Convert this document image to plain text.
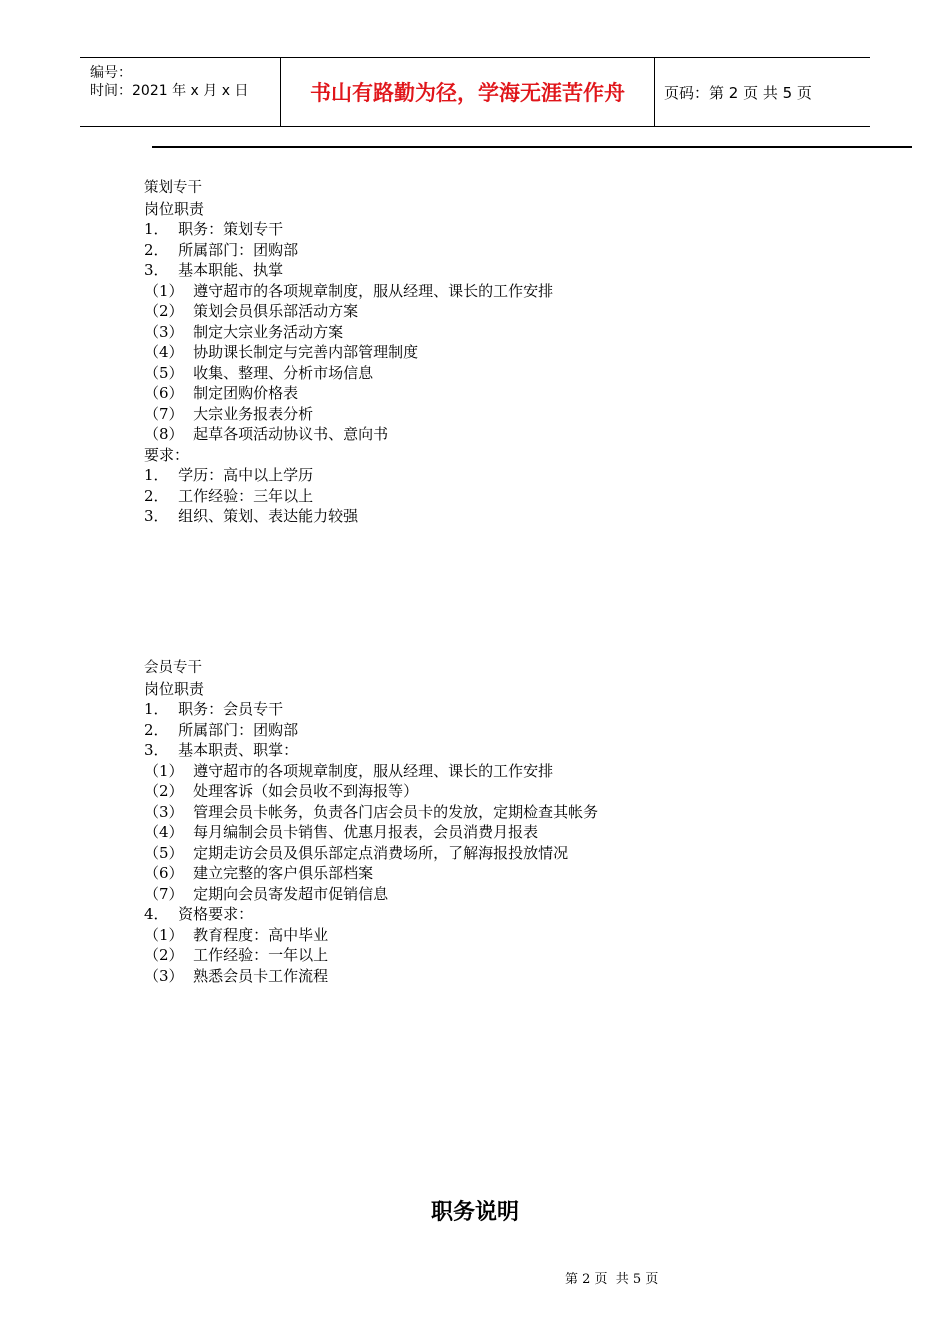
编号：
时间：2021 年 x 月 x 日	书山有路勤为径，学海无涯苦作舟	页码：第 2 页 共 5 页
策划专干
岗位职责
1．  职务：策划专干
2．  所属部门：团购部
3．  基本职能、执掌
（1）  遵守超市的各项规章制度，服从经理、课长的工作安排
（2）  策划会员俱乐部活动方案
（3）  制定大宗业务活动方案
（4）  协助课长制定与完善内部管理制度
（5）  收集、整理、分析市场信息
（6）  制定团购价格表
（7）  大宗业务报表分析
（8）  起草各项活动协议书、意向书
要求：
1．  学历：高中以上学历
2．  工作经验：三年以上
3．  组织、策划、表达能力较强
会员专干
岗位职责
1．  职务：会员专干
2．  所属部门：团购部
3．  基本职责、职掌：
（1）  遵守超市的各项规章制度，服从经理、课长的工作安排
（2）  处理客诉（如会员收不到海报等）
（3）  管理会员卡帐务，负责各门店会员卡的发放，定期检查其帐务
（4）  每月编制会员卡销售、优惠月报表，会员消费月报表
（5）  定期走访会员及俱乐部定点消费场所，了解海报投放情况
（6）  建立完整的客户俱乐部档案
（7）  定期向会员寄发超市促销信息
4．  资格要求：
（1）  教育程度：高中毕业
（2）  工作经验：一年以上
（3）  熟悉会员卡工作流程
职务说明
第 2 页  共 5 页
